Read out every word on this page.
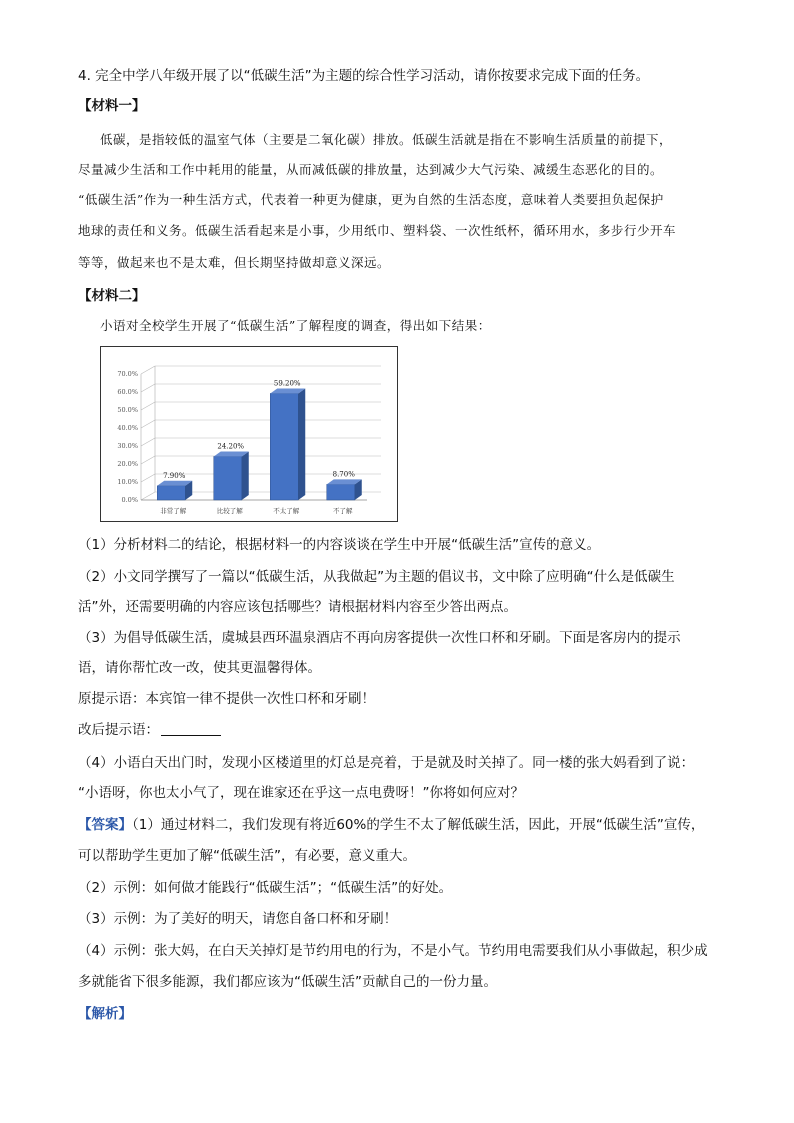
4. 完全中学八年级开展了以“低碳生活”为主题的综合性学习活动，请你按要求完成下面的任务。
【材料一】
低碳，是指较低的温室气体（主要是二氧化碳）排放。低碳生活就是指在不影响生活质量的前提下，
尽量减少生活和工作中耗用的能量，从而减低碳的排放量，达到减少大气污染、减缓生态恶化的目的。
“低碳生活”作为一种生活方式，代表着一种更为健康，更为自然的生活态度，意味着人类要担负起保护
地球的责任和义务。低碳生活看起来是小事，少用纸巾、塑料袋、一次性纸杯，循环用水，多步行少开车
等等，做起来也不是太难，但长期坚持做却意义深远。
【材料二】
小语对全校学生开展了“低碳生活”了解程度的调查，得出如下结果：
0.0%
10.0%
20.0%
30.0%
40.0%
50.0%
60.0%
70.0%
7.90%
非常了解
24.20%
比较了解
59.20%
不太了解
8.70%
不了解
（1）分析材料二的结论，根据材料一的内容谈谈在学生中开展“低碳生活”宣传的意义。
（2）小文同学撰写了一篇以“低碳生活，从我做起”为主题的倡议书，文中除了应明确“什么是低碳生
活”外，还需要明确的内容应该包括哪些？请根据材料内容至少答出两点。
（3）为倡导低碳生活，虞城县西环温泉酒店不再向房客提供一次性口杯和牙刷。下面是客房内的提示
语，请你帮忙改一改，使其更温馨得体。
原提示语：本宾馆一律不提供一次性口杯和牙刷！
改后提示语：
（4）小语白天出门时，发现小区楼道里的灯总是亮着，于是就及时关掉了。同一楼的张大妈看到了说：
“小语呀，你也太小气了，现在谁家还在乎这一点电费呀！”你将如何应对？
【答案】（1）通过材料二，我们发现有将近60%的学生不太了解低碳生活，因此，开展“低碳生活”宣传，
可以帮助学生更加了解“低碳生活”，有必要，意义重大。
（2）示例：如何做才能践行“低碳生活”；“低碳生活”的好处。
（3）示例：为了美好的明天，请您自备口杯和牙刷！
（4）示例：张大妈，在白天关掉灯是节约用电的行为，不是小气。节约用电需要我们从小事做起，积少成
多就能省下很多能源，我们都应该为“低碳生活”贡献自己的一份力量。
【解析】
